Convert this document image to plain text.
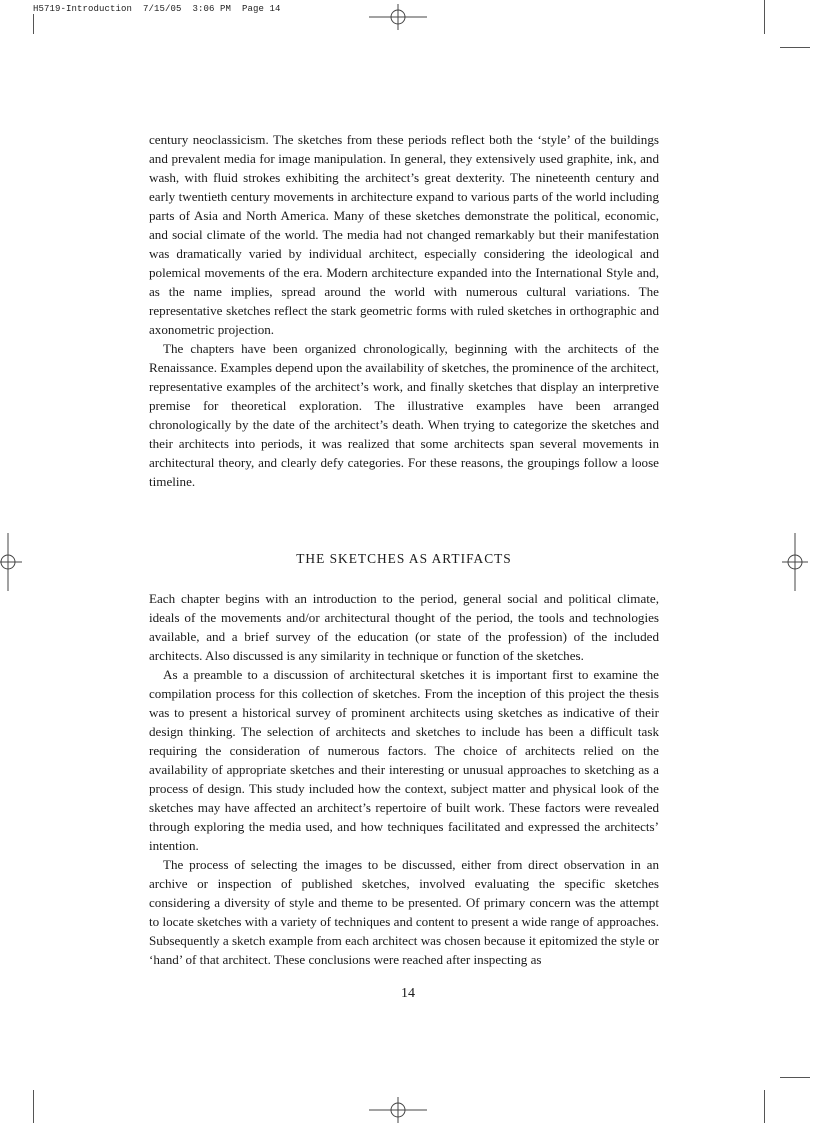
H5719-Introduction  7/15/05  3:06 PM  Page 14

century neoclassicism. The sketches from these periods reflect both the ‘style’ of the buildings and prevalent media for image manipulation. In general, they extensively used graphite, ink, and wash, with fluid strokes exhibiting the architect’s great dexterity. The nineteenth century and early twentieth century movements in architecture expand to various parts of the world including parts of Asia and North America. Many of these sketches demonstrate the political, economic, and social climate of the world. The media had not changed remarkably but their manifestation was dramatically varied by individual architect, especially considering the ideological and polemical movements of the era. Modern architecture expanded into the International Style and, as the name implies, spread around the world with numerous cultural variations. The representative sketches reflect the stark geometric forms with ruled sketches in orthographic and axonometric projection.

The chapters have been organized chronologically, beginning with the architects of the Renaissance. Examples depend upon the availability of sketches, the prominence of the architect, representative examples of the architect’s work, and finally sketches that display an interpretive premise for theoretical exploration. The illustrative examples have been arranged chronologically by the date of the architect’s death. When trying to categorize the sketches and their architects into periods, it was realized that some architects span several movements in architectural theory, and clearly defy categories. For these reasons, the groupings follow a loose timeline.

THE SKETCHES AS ARTIFACTS

Each chapter begins with an introduction to the period, general social and political climate, ideals of the movements and/or architectural thought of the period, the tools and technologies available, and a brief survey of the education (or state of the profession) of the included architects. Also discussed is any similarity in technique or function of the sketches.

As a preamble to a discussion of architectural sketches it is important first to examine the compilation process for this collection of sketches. From the inception of this project the thesis was to present a historical survey of prominent architects using sketches as indicative of their design thinking. The selection of architects and sketches to include has been a difficult task requiring the consideration of numerous factors. The choice of architects relied on the availability of appropriate sketches and their interesting or unusual approaches to sketching as a process of design. This study included how the context, subject matter and physical look of the sketches may have affected an architect’s repertoire of built work. These factors were revealed through exploring the media used, and how techniques facilitated and expressed the architects’ intention.

The process of selecting the images to be discussed, either from direct observation in an archive or inspection of published sketches, involved evaluating the specific sketches considering a diversity of style and theme to be presented. Of primary concern was the attempt to locate sketches with a variety of techniques and content to present a wide range of approaches. Subsequently a sketch example from each architect was chosen because it epitomized the style or ‘hand’ of that architect. These conclusions were reached after inspecting as

14
